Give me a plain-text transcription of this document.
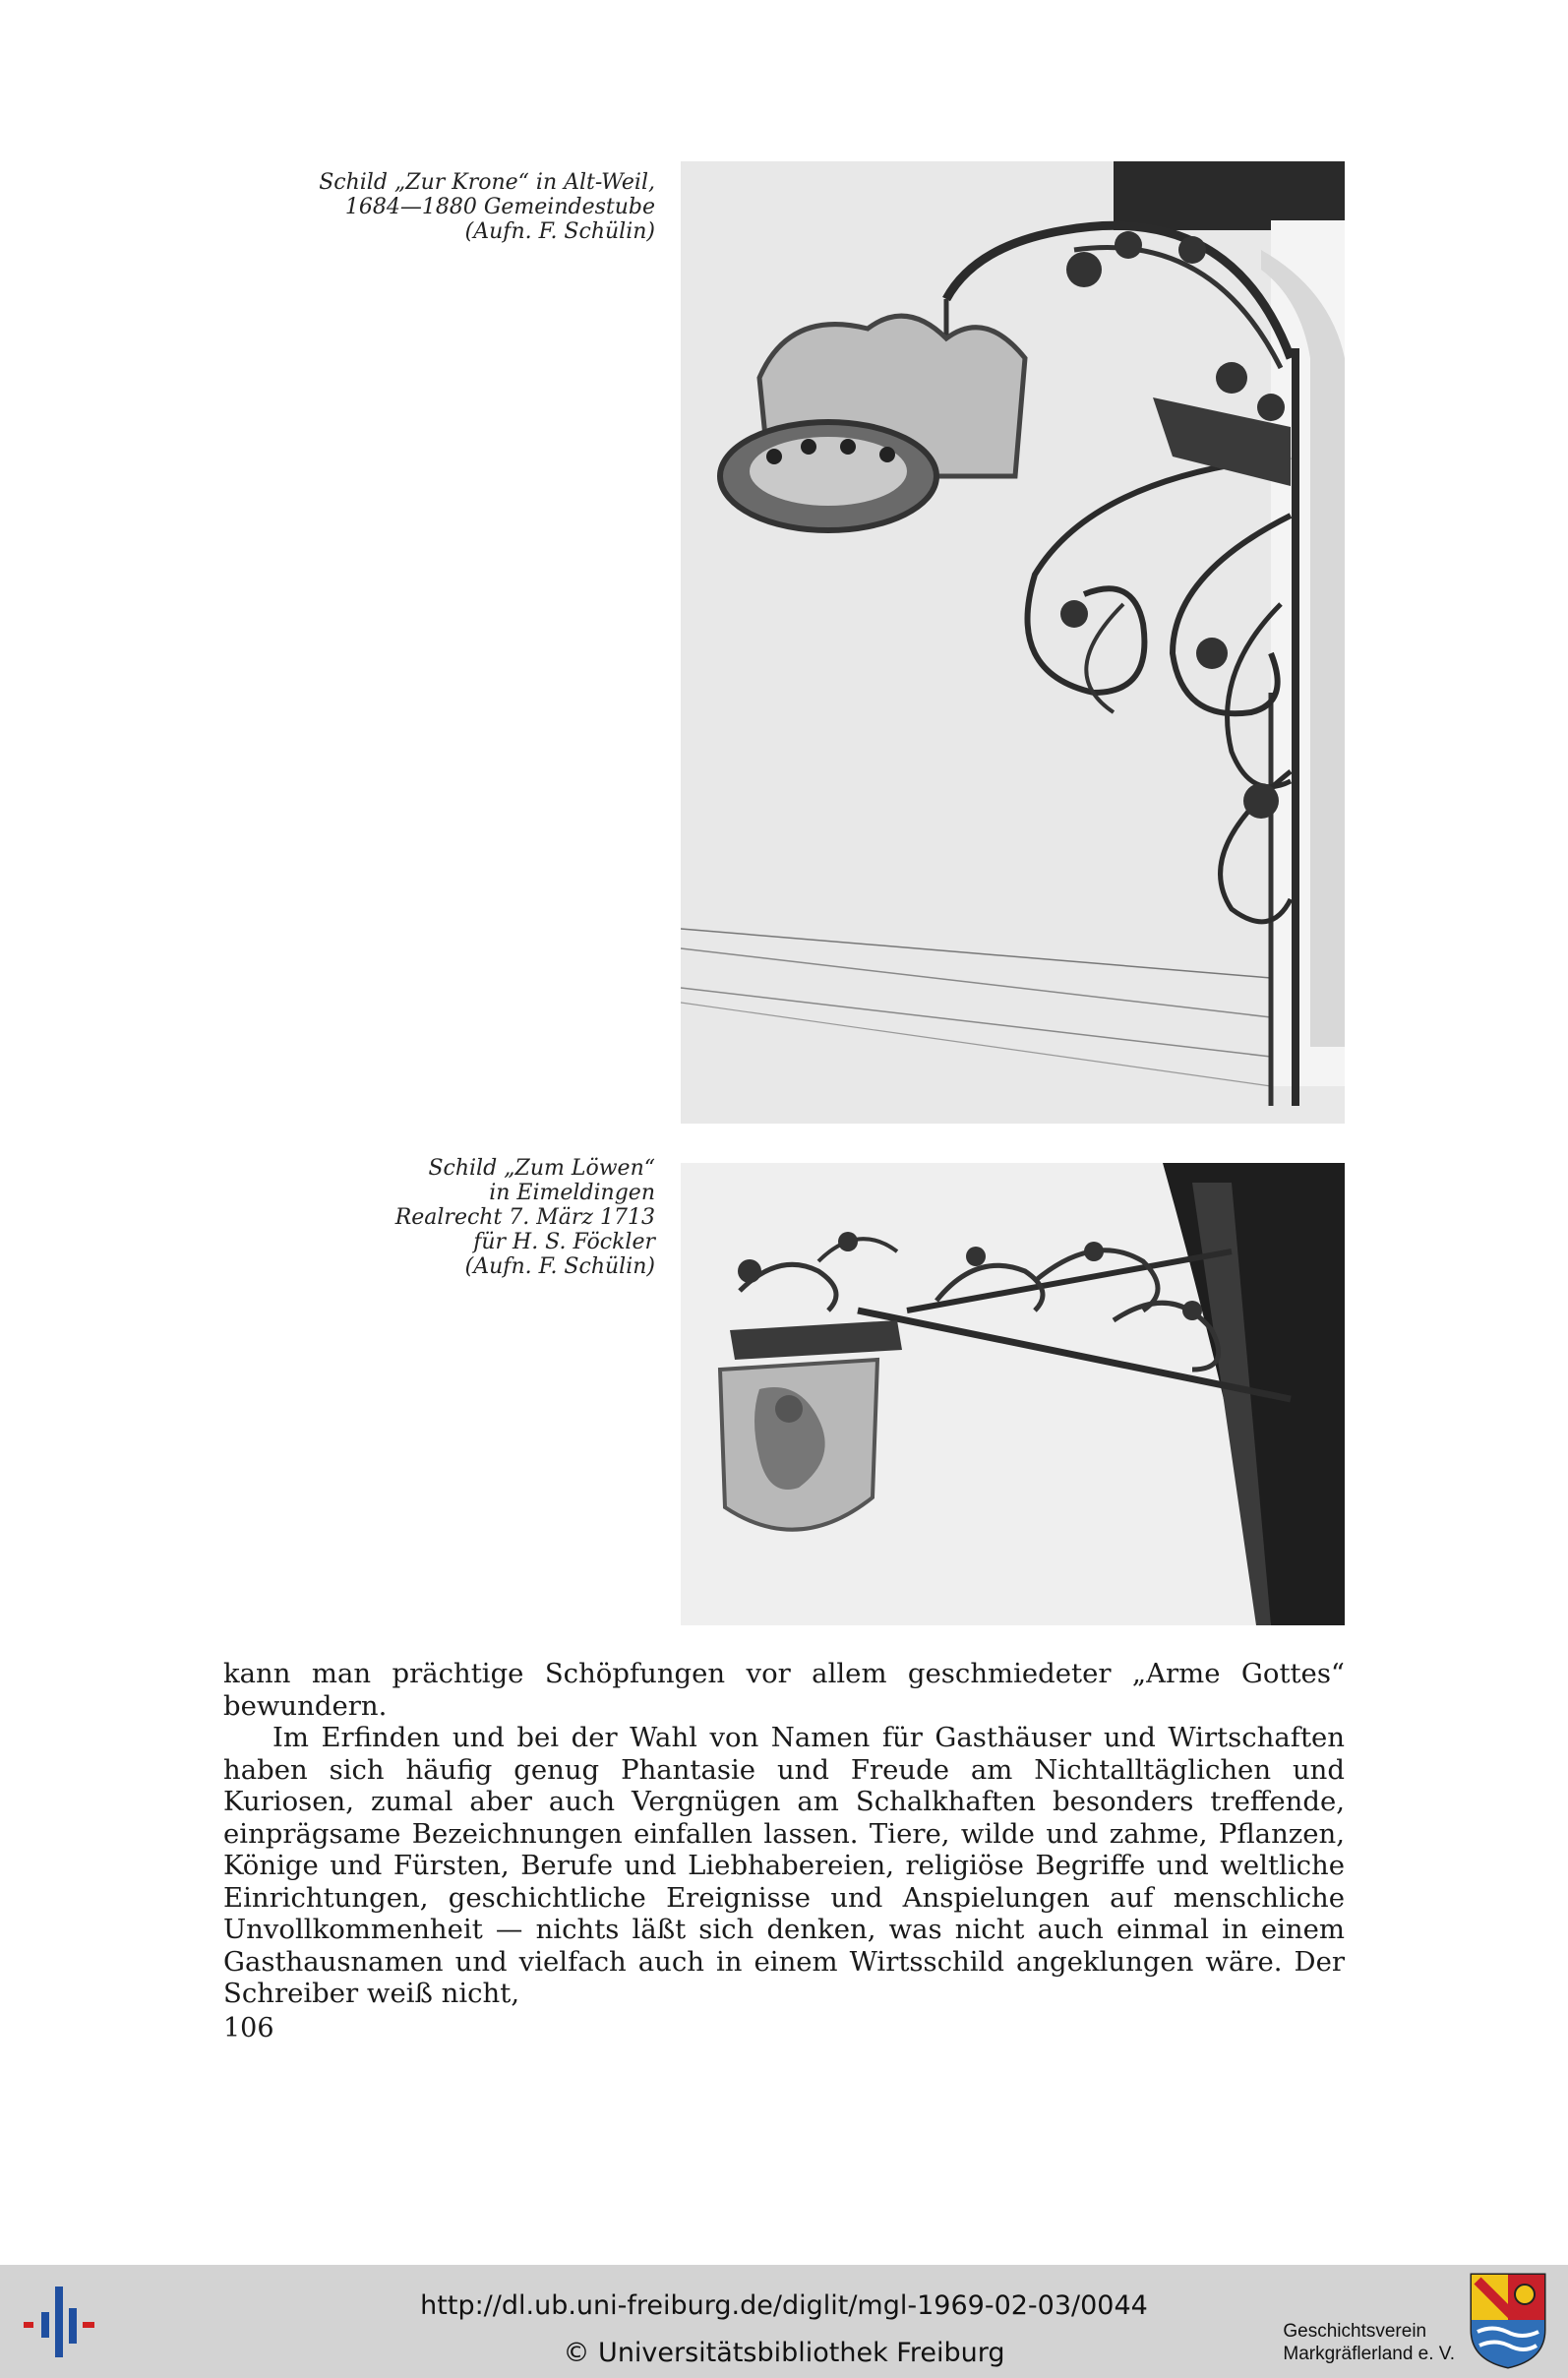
Schild „Zur Krone“ in Alt-Weil,
1684—1880 Gemeindestube
(Aufn. F. Schülin)
Schild „Zum Löwen“
in Eimeldingen
Realrecht 7. März 1713
für H. S. Föckler
(Aufn. F. Schülin)

kann man prächtige Schöpfungen vor allem geschmiedeter „Arme Gottes“ bewundern.

Im Erfinden und bei der Wahl von Namen für Gasthäuser und Wirtschaften haben sich häufig genug Phantasie und Freude am Nichtalltäglichen und Kuriosen, zumal aber auch Vergnügen am Schalkhaften besonders treffende, einprägsame Bezeichnungen einfallen lassen. Tiere, wilde und zahme, Pflanzen, Könige und Fürsten, Berufe und Liebhabereien, religiöse Begriffe und weltliche Einrichtungen, geschichtliche Ereignisse und Anspielungen auf menschliche Unvollkommenheit — nichts läßt sich denken, was nicht auch einmal in einem Gasthausnamen und vielfach auch in einem Wirtsschild angeklungen wäre. Der Schreiber weiß nicht,

106
http://dl.ub.uni-freiburg.de/diglit/mgl-1969-02-03/0044
© Universitätsbibliothek Freiburg
Geschichtsverein
Markgräflerland e. V.
